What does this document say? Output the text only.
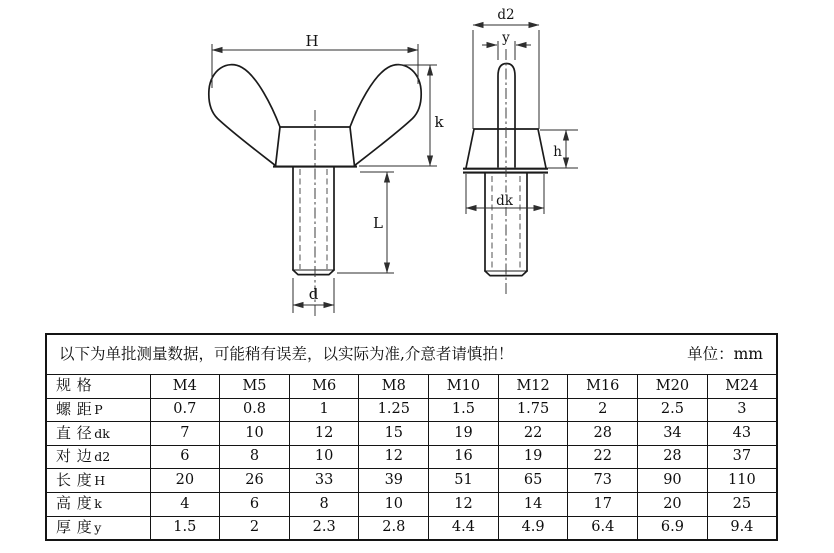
H
k
L
d
d2
y
h
dk
以下为单批测量数据，可能稍有误差，以实际为准,介意者请慎拍！ 单位：mm									

规 格	M4	M5	M6	M8	M10	M12	M16	M20	M24
螺 距 P	0.7	0.8	1	1.25	1.5	1.75	2	2.5	3
直 径 dk	7	10	12	15	19	22	28	34	43
对 边 d2	6	8	10	12	16	19	22	28	37
长 度 H	20	26	33	39	51	65	73	90	110
高 度 k	4	6	8	10	12	14	17	20	25
厚 度 y	1.5	2	2.3	2.8	4.4	4.9	6.4	6.9	9.4
